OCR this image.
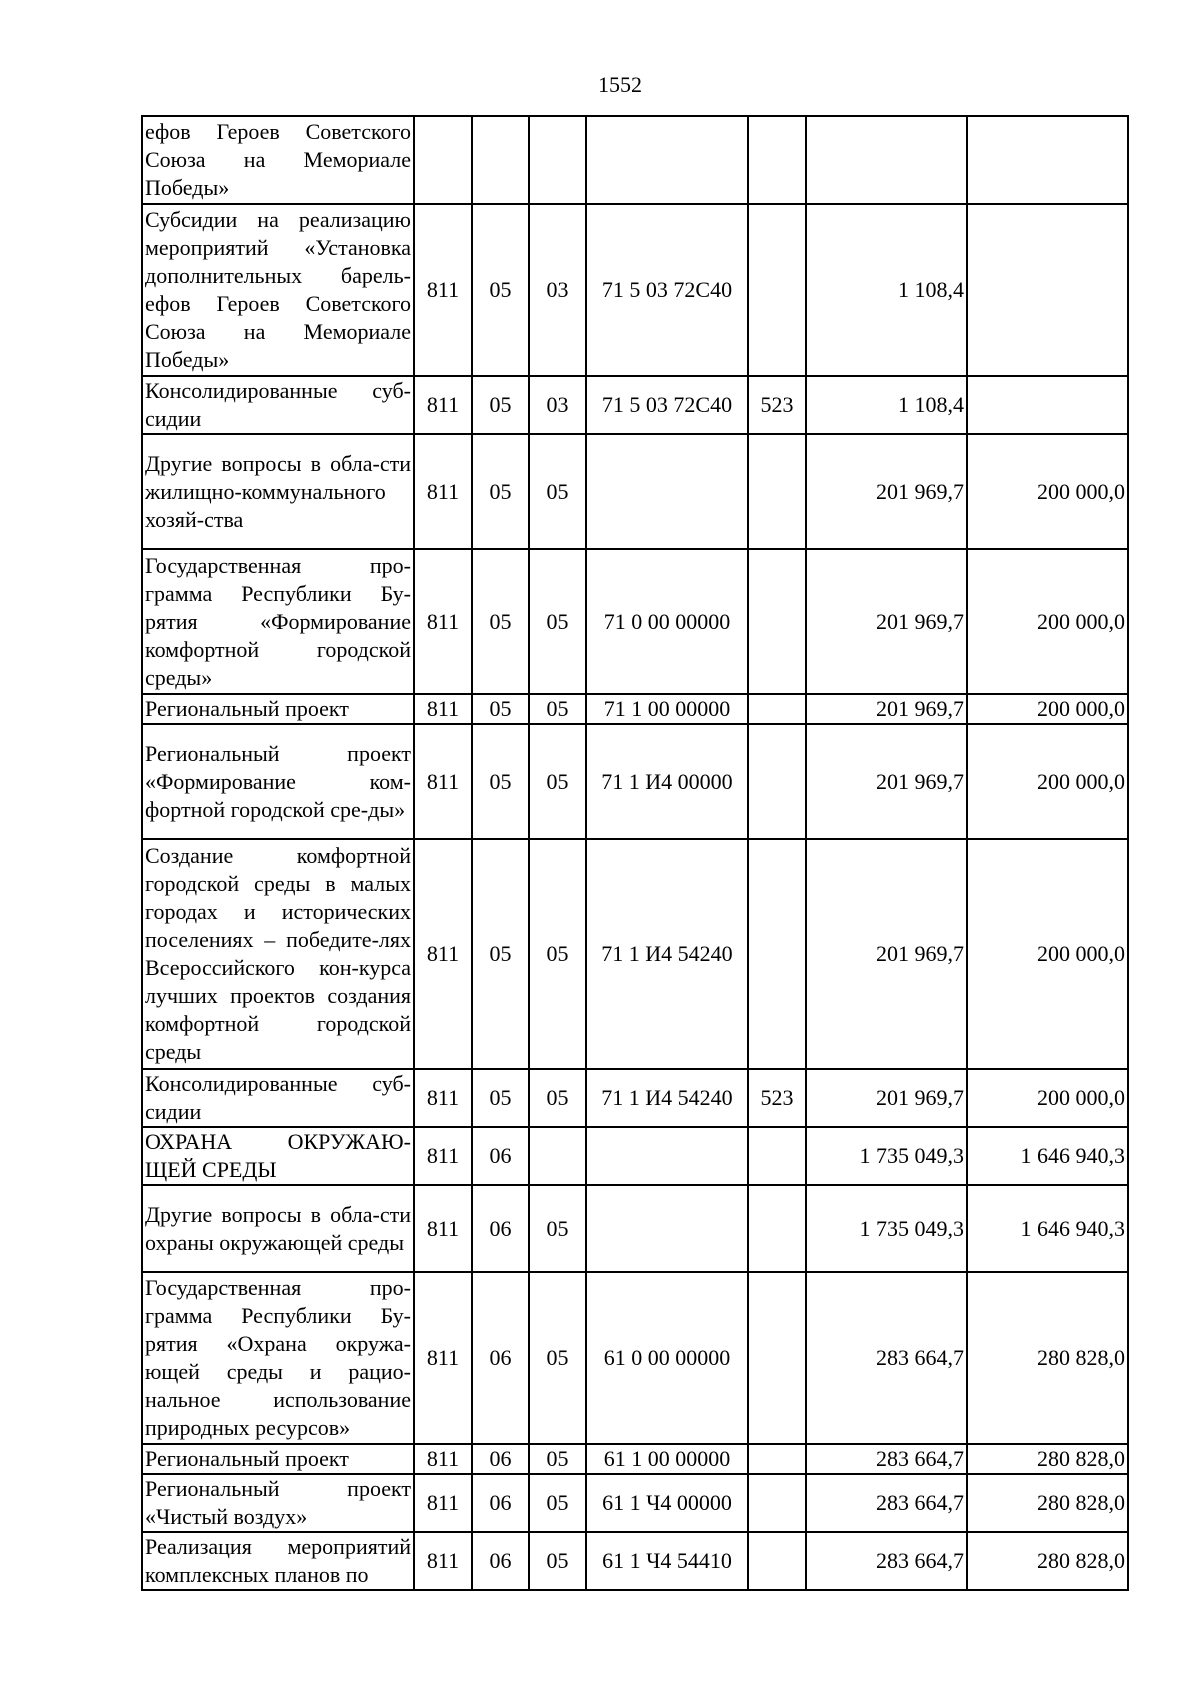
1552
ефов Героев Советского Союза на Мемориале Победы»							
Субсидии на реализацию мероприятий «Установка дополнительных барель-ефов Героев Советского Союза на Мемориале Победы»	811	05	03	71 5 03 72С40		1 108,4	
Консолидированные суб-сидии	811	05	03	71 5 03 72С40	523	1 108,4	
Другие вопросы в обла-сти жилищно-коммунального хозяй-ства	811	05	05			201 969,7	200 000,0
Государственная про-грамма Республики Бу-рятия «Формирование комфортной городской среды»	811	05	05	71 0 00 00000		201 969,7	200 000,0
Региональный проект	811	05	05	71 1 00 00000		201 969,7	200 000,0
Региональный проект «Формирование ком-фортной городской сре-ды»	811	05	05	71 1 И4 00000		201 969,7	200 000,0
Создание комфортной городской среды в малых городах и исторических поселениях – победите-лях Всероссийского кон-курса лучших проектов создания комфортной городской среды	811	05	05	71 1 И4 54240		201 969,7	200 000,0
Консолидированные суб-сидии	811	05	05	71 1 И4 54240	523	201 969,7	200 000,0
ОХРАНА ОКРУЖАЮ-ЩЕЙ СРЕДЫ	811	06				1 735 049,3	1 646 940,3
Другие вопросы в обла-сти охраны окружающей среды	811	06	05			1 735 049,3	1 646 940,3
Государственная про-грамма Республики Бу-рятия «Охрана окружа-ющей среды и рацио-нальное использование природных ресурсов»	811	06	05	61 0 00 00000		283 664,7	280 828,0
Региональный проект	811	06	05	61 1 00 00000		283 664,7	280 828,0
Региональный проект «Чистый воздух»	811	06	05	61 1 Ч4 00000		283 664,7	280 828,0
Реализация мероприятий комплексных планов по	811	06	05	61 1 Ч4 54410		283 664,7	280 828,0
